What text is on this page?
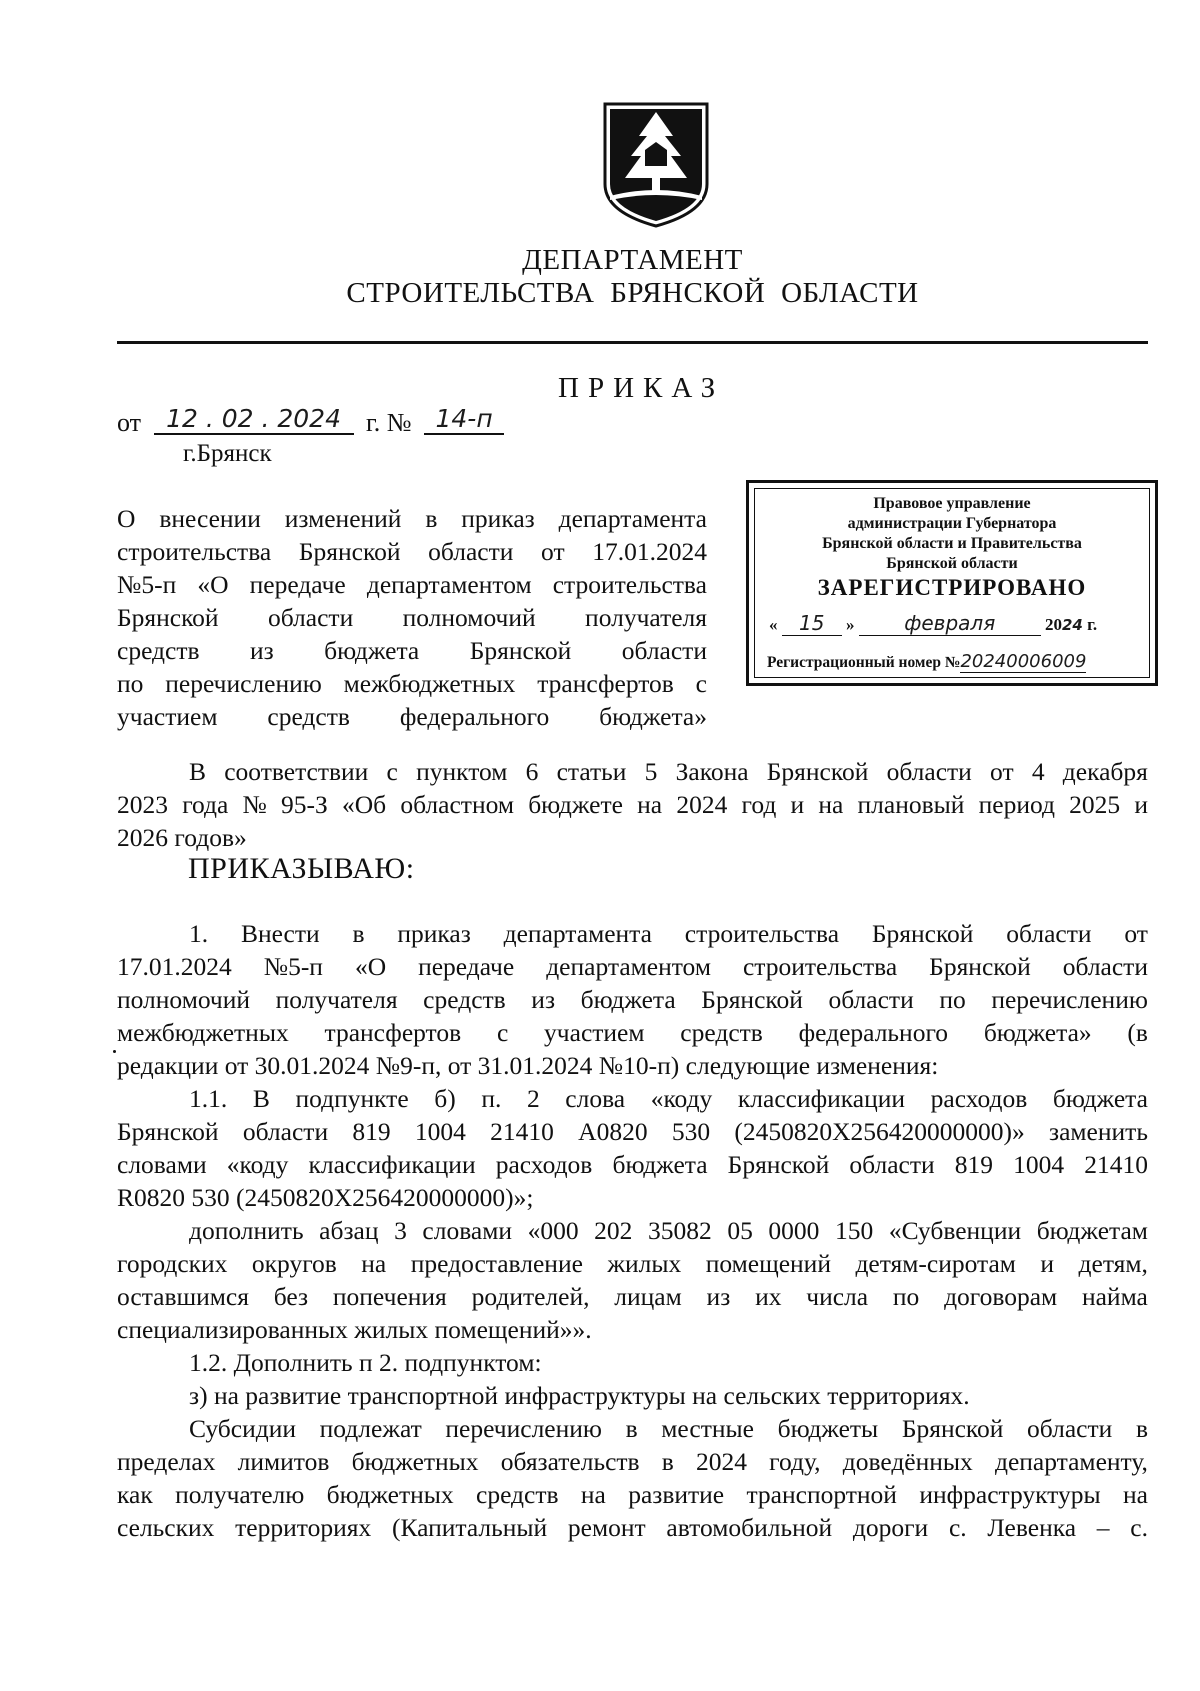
ДЕПАРТАМЕНТ
СТРОИТЕЛЬСТВА БРЯНСКОЙ ОБЛАСТИ
ПРИКАЗ
от 12 . 02 . 2024 г. № 14-п
г.Брянск
О внесении изменений в приказ департамента
строительства Брянской области от 17.01.2024
№5-п «О передаче департаментом строительства
Брянской области полномочий получателя
средств из бюджета Брянской области
по перечислению межбюджетных трансфертов с
участием средств федерального бюджета»
Правовое управление
администрации Губернатора
Брянской области и Правительства
Брянской области
ЗАРЕГИСТРИРОВАНО
« 15 » февраля	2024 г.
Регистрационный номер №20240006009
В соответствии с пунктом 6 статьи 5 Закона Брянской области от 4 декабря
2023 года № 95-З «Об областном бюджете на 2024 год и на плановый период 2025 и
2026 годов»
ПРИКАЗЫВАЮ:
1. Внести в приказ департамента строительства Брянской области от
17.01.2024 №5-п «О передаче департаментом строительства Брянской области
полномочий получателя средств из бюджета Брянской области по перечислению
межбюджетных трансфертов с участием средств федерального бюджета» (в
редакции от 30.01.2024 №9-п, от 31.01.2024 №10-п) следующие изменения:
1.1. В подпункте б) п. 2 слова «коду классификации расходов бюджета
Брянской области 819 1004 21410 А0820 530 (2450820Х256420000000)» заменить
словами «коду классификации расходов бюджета Брянской области 819 1004 21410
R0820 530 (2450820Х256420000000)»;
дополнить абзац 3 словами «000 202 35082 05 0000 150 «Субвенции бюджетам
городских округов на предоставление жилых помещений детям-сиротам и детям,
оставшимся без попечения родителей, лицам из их числа по договорам найма
специализированных жилых помещений»».
1.2. Дополнить п 2. подпунктом:
з) на развитие транспортной инфраструктуры на сельских территориях.
Субсидии подлежат перечислению в местные бюджеты Брянской области в
пределах лимитов бюджетных обязательств в 2024 году, доведённых департаменту,
как получателю бюджетных средств на развитие транспортной инфраструктуры на
сельских территориях (Капитальный ремонт автомобильной дороги с. Левенка – с.
